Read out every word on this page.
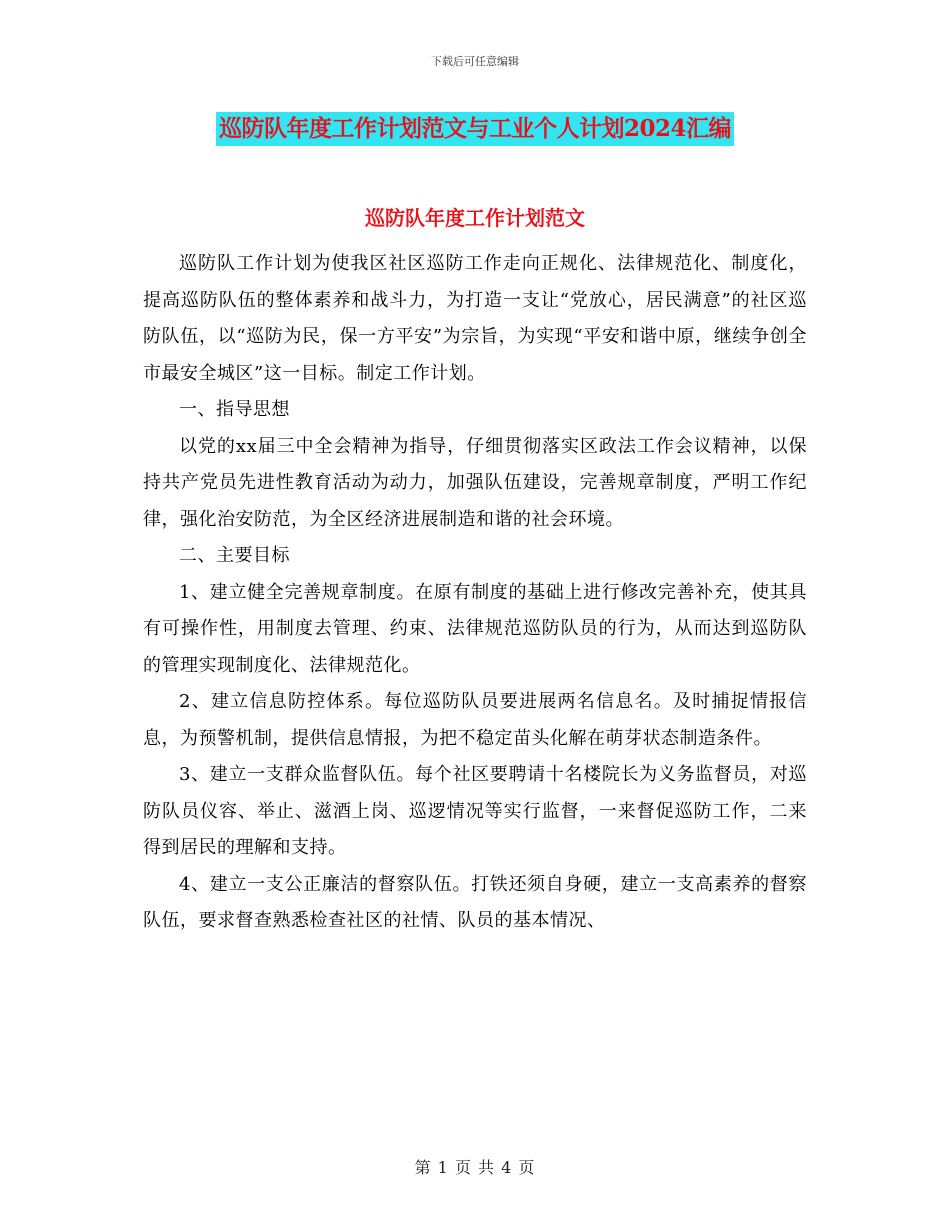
下载后可任意编辑
巡防队年度工作计划范文与工业个人计划2024汇编
巡防队年度工作计划范文

巡防队工作计划为使我区社区巡防工作走向正规化、法律规范化、制度化，提高巡防队伍的整体素养和战斗力，为打造一支让“党放心，居民满意”的社区巡防队伍，以“巡防为民，保一方平安”为宗旨，为实现“平安和谐中原，继续争创全市最安全城区”这一目标。制定工作计划。

一、指导思想

以党的xx届三中全会精神为指导，仔细贯彻落实区政法工作会议精神，以保持共产党员先进性教育活动为动力，加强队伍建设，完善规章制度，严明工作纪律，强化治安防范，为全区经济进展制造和谐的社会环境。

二、主要目标

1、建立健全完善规章制度。在原有制度的基础上进行修改完善补充，使其具有可操作性，用制度去管理、约束、法律规范巡防队员的行为，从而达到巡防队的管理实现制度化、法律规范化。

2、建立信息防控体系。每位巡防队员要进展两名信息名。及时捕捉情报信息，为预警机制，提供信息情报，为把不稳定苗头化解在萌芽状态制造条件。

3、建立一支群众监督队伍。每个社区要聘请十名楼院长为义务监督员，对巡防队员仪容、举止、滋酒上岗、巡逻情况等实行监督，一来督促巡防工作，二来得到居民的理解和支持。

4、建立一支公正廉洁的督察队伍。打铁还须自身硬，建立一支高素养的督察队伍，要求督查熟悉检查社区的社情、队员的基本情况、

第 1 页 共 4 页
